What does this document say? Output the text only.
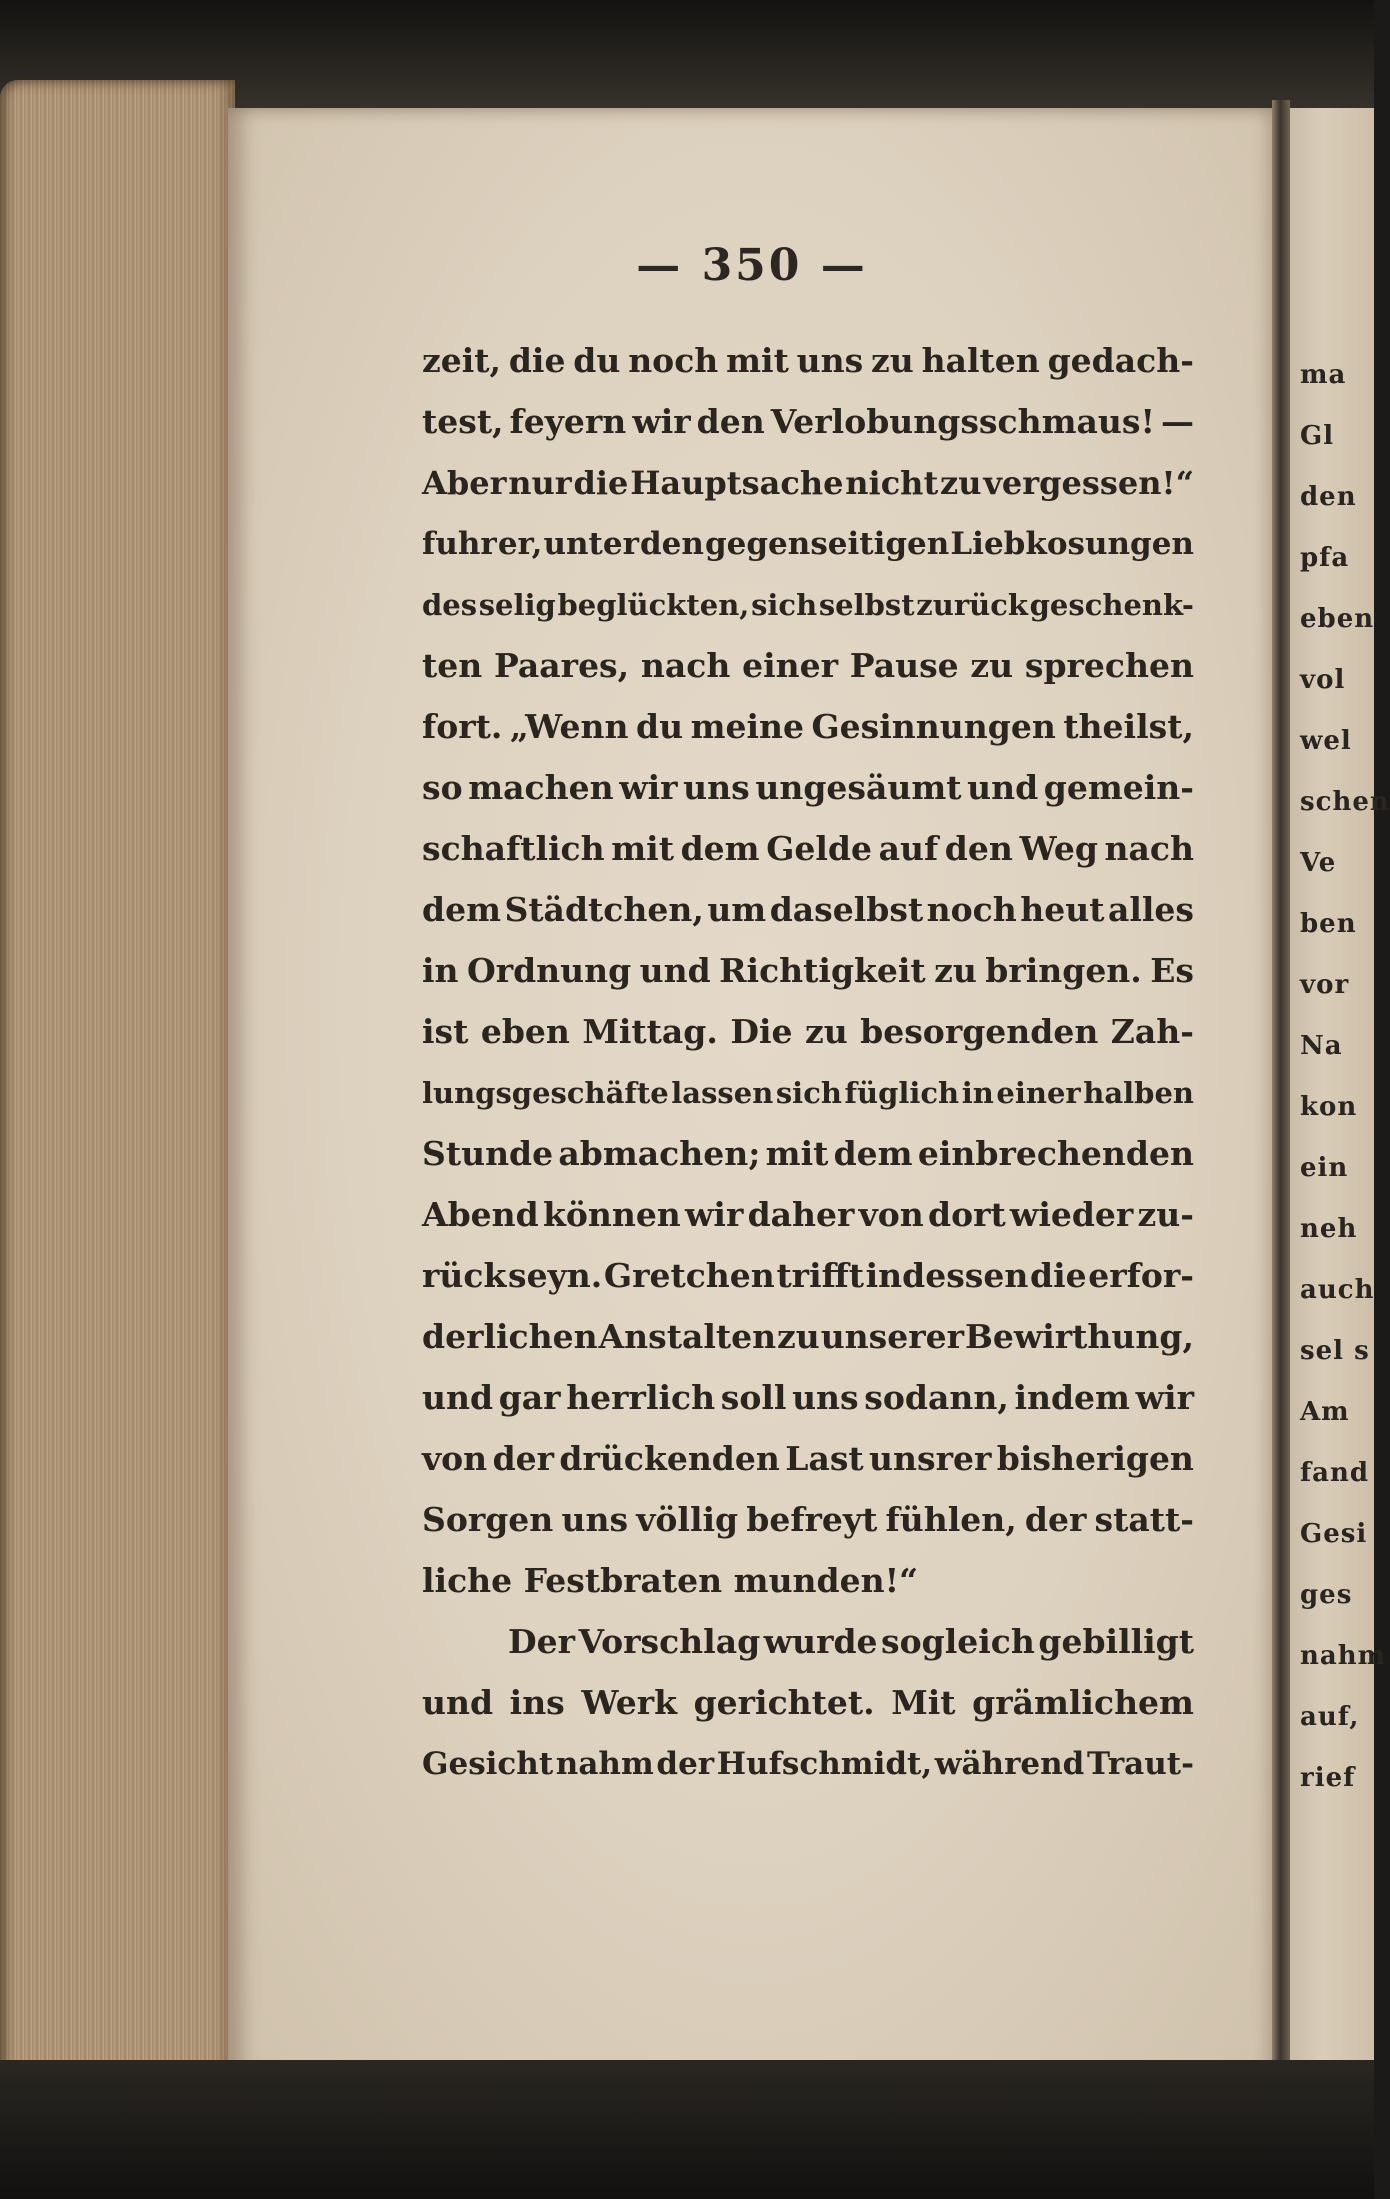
ma
Gl
den
pfa
eben
vol
wel
schen
Ve
ben
vor
Na
kon
ein
neh
auch
sel s
Am
fand
Gesi
ges
nahm
auf,
rief
— 350 —
zeit, die du noch mit uns zu halten gedach-
test, feyern wir den Verlobungsschmaus! —
Aber nur die Hauptsache nicht zu vergessen!“
fuhr er, unter den gegenseitigen Liebkosungen
des selig beglückten, sich selbst zurück geschenk-
ten Paares, nach einer Pause zu sprechen
fort. „Wenn du meine Gesinnungen theilst,
so machen wir uns ungesäumt und gemein-
schaftlich mit dem Gelde auf den Weg nach
dem Städtchen, um daselbst noch heut alles
in Ordnung und Richtigkeit zu bringen. Es
ist eben Mittag. Die zu besorgenden Zah-
lungsgeschäfte lassen sich füglich in einer halben
Stunde abmachen; mit dem einbrechenden
Abend können wir daher von dort wieder zu-
rück seyn. Gretchen trifft indessen die erfor-
derlichen Anstalten zu unserer Bewirthung,
und gar herrlich soll uns sodann, indem wir
von der drückenden Last unsrer bisherigen
Sorgen uns völlig befreyt fühlen, der statt-
liche Festbraten munden!“
Der Vorschlag wurde sogleich gebilligt
und ins Werk gerichtet. Mit grämlichem
Gesicht nahm der Hufschmidt, während Traut-
